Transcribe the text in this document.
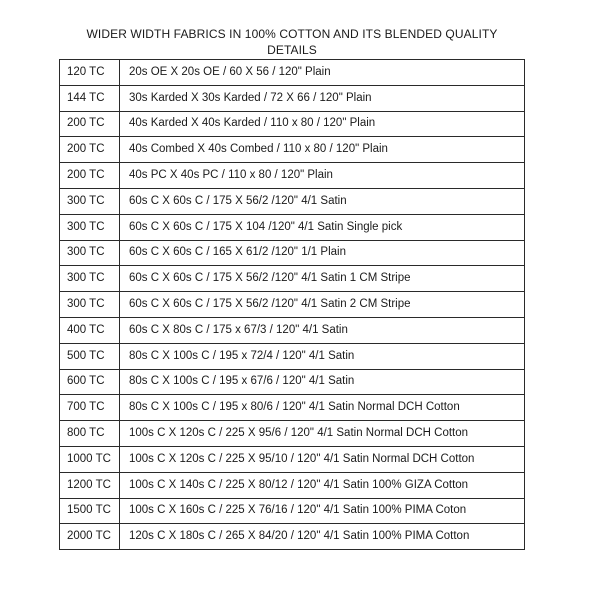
WIDER WIDTH FABRICS IN 100% COTTON AND ITS BLENDED QUALITY
DETAILS
120 TC	20s OE X 20s OE / 60 X 56 / 120" Plain
144 TC	30s Karded X 30s Karded / 72 X 66 / 120" Plain
200 TC	40s Karded X 40s Karded / 110 x 80 / 120" Plain
200 TC	40s Combed X 40s Combed / 110 x 80 / 120" Plain
200 TC	40s PC X 40s PC / 110 x 80 / 120" Plain
300 TC	60s C X 60s C / 175 X 56/2 /120" 4/1 Satin
300 TC	60s C X 60s C / 175 X 104 /120" 4/1 Satin Single pick
300 TC	60s C X 60s C / 165 X 61/2 /120" 1/1 Plain
300 TC	60s C X 60s C / 175 X 56/2 /120" 4/1 Satin 1 CM Stripe
300 TC	60s C X 60s C / 175 X 56/2 /120" 4/1 Satin 2 CM Stripe
400 TC	60s C X 80s C / 175 x 67/3 / 120" 4/1 Satin
500 TC	80s C X 100s C / 195 x 72/4 / 120" 4/1 Satin
600 TC	80s C X 100s C / 195 x 67/6 / 120" 4/1 Satin
700 TC	80s C X 100s C / 195 x 80/6 / 120" 4/1 Satin Normal DCH Cotton
800 TC	100s C X 120s C / 225 X 95/6 / 120" 4/1 Satin Normal DCH Cotton
1000 TC	100s C X 120s C / 225 X 95/10 / 120" 4/1 Satin Normal DCH Cotton
1200 TC	100s C X 140s C / 225 X 80/12 / 120" 4/1 Satin 100% GIZA Cotton
1500 TC	100s C X 160s C / 225 X 76/16 / 120" 4/1 Satin 100% PIMA Coton
2000 TC	120s C X 180s C / 265 X 84/20 / 120" 4/1 Satin 100% PIMA Cotton
